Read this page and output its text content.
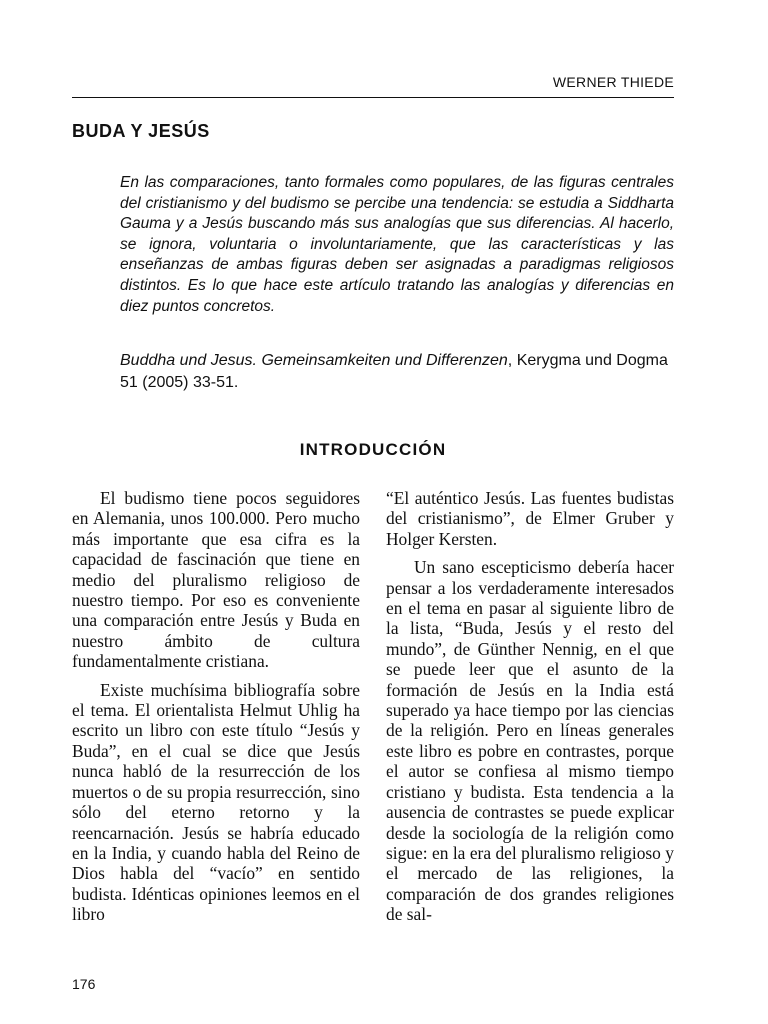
WERNER THIEDE
BUDA Y JESÚS

En las comparaciones, tanto formales como populares, de las figuras centrales del cristianismo y del budismo se percibe una tendencia: se estudia a Siddharta Gauma y a Jesús buscando más sus analogías que sus diferencias. Al hacerlo, se ignora, voluntaria o involuntariamente, que las características y las enseñanzas de ambas figuras deben ser asignadas a paradigmas religiosos distintos. Es lo que hace este artículo tratando las analogías y diferencias en diez puntos concretos.

Buddha und Jesus. Gemeinsamkeiten und Differenzen, Kerygma und Dogma 51 (2005) 33-51.

INTRODUCCIÓN

El budismo tiene pocos seguidores en Alemania, unos 100.000. Pero mucho más importante que esa cifra es la capacidad de fascinación que tiene en medio del pluralismo religioso de nuestro tiempo. Por eso es conveniente una comparación entre Jesús y Buda en nuestro ámbito de cultura fundamentalmente cristiana.

Existe muchísima bibliografía sobre el tema. El orientalista Helmut Uhlig ha escrito un libro con este título “Jesús y Buda”, en el cual se dice que Jesús nunca habló de la resurrección de los muertos o de su propia resurrección, sino sólo del eterno retorno y la reencarnación. Jesús se habría educado en la India, y cuando habla del Reino de Dios habla del “vacío” en sentido budista. Idénticas opiniones leemos en el libro

“El auténtico Jesús. Las fuentes budistas del cristianismo”, de Elmer Gruber y Holger Kersten.

Un sano escepticismo debería hacer pensar a los verdaderamente interesados en el tema en pasar al siguiente libro de la lista, “Buda, Jesús y el resto del mundo”, de Günther Nennig, en el que se puede leer que el asunto de la formación de Jesús en la India está superado ya hace tiempo por las ciencias de la religión. Pero en líneas generales este libro es pobre en contrastes, porque el autor se confiesa al mismo tiempo cristiano y budista. Esta tendencia a la ausencia de contrastes se puede explicar desde la sociología de la religión como sigue: en la era del pluralismo religioso y el mercado de las religiones, la comparación de dos grandes religiones de sal-

176
